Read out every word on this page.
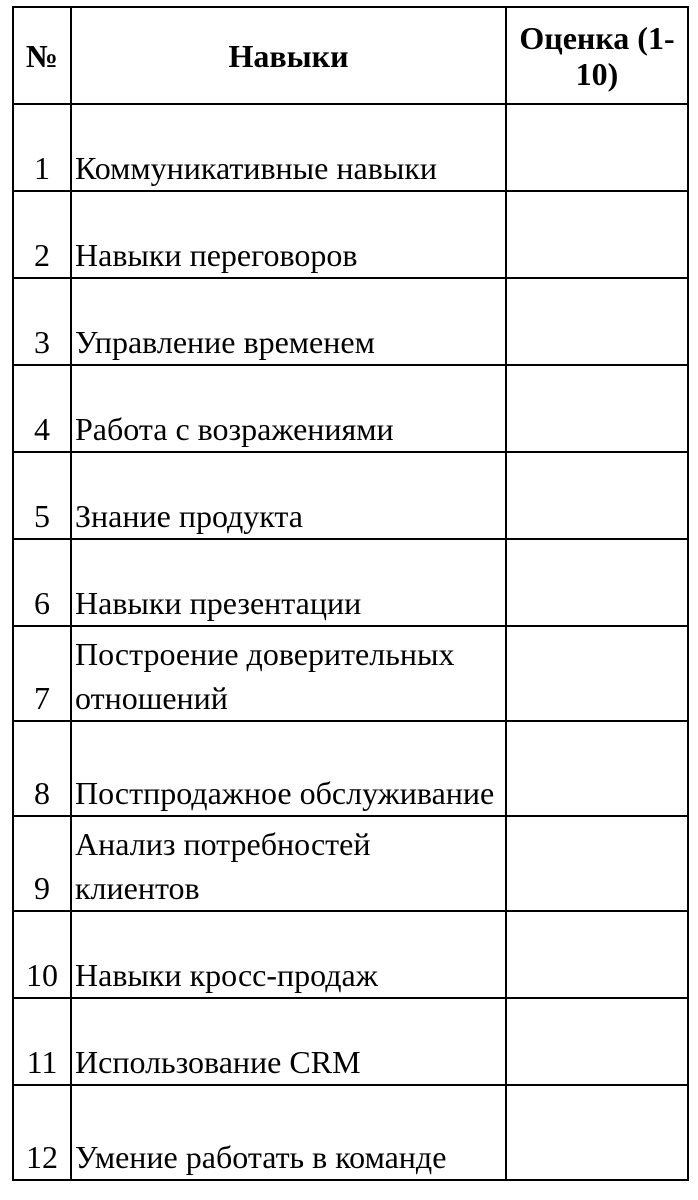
№	Навыки	Оценка (1-10)
1	Коммуникативные навыки	
2	Навыки переговоров	
3	Управление временем	
4	Работа с возражениями	
5	Знание продукта	
6	Навыки презентации	
7	Построение доверительных отношений	
8	Постпродажное обслуживание	
9	Анализ потребностей клиентов	
10	Навыки кросс-продаж	
11	Использование CRM	
12	Умение работать в команде	
